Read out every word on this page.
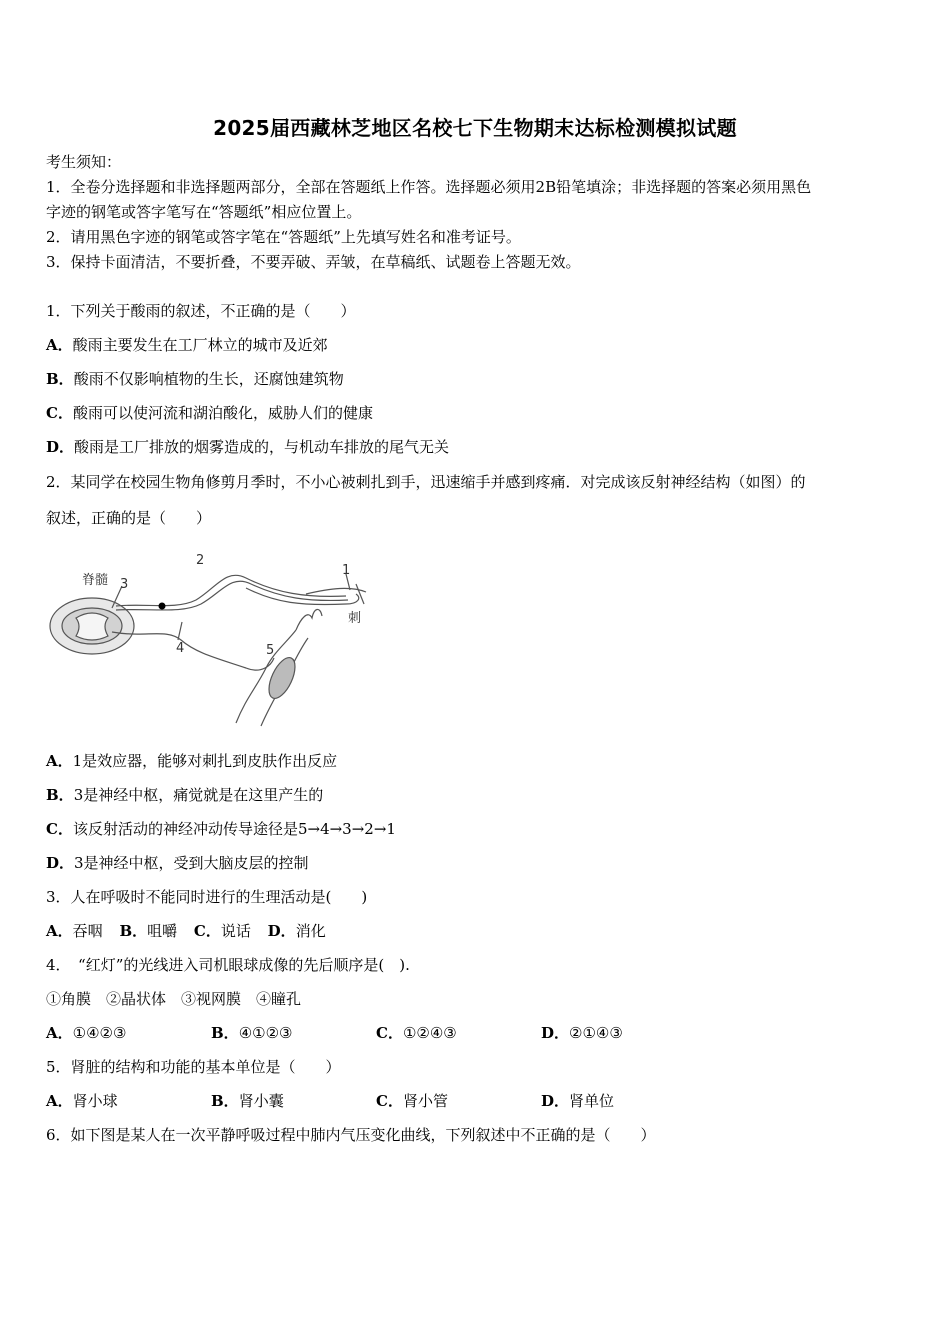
2025届西藏林芝地区名校七下生物期末达标检测模拟试题
考生须知：
1．全卷分选择题和非选择题两部分，全部在答题纸上作答。选择题必须用2B铅笔填涂；非选择题的答案必须用黑色
字迹的钢笔或答字笔写在“答题纸”相应位置上。
2．请用黑色字迹的钢笔或答字笔在“答题纸”上先填写姓名和准考证号。
3．保持卡面清洁，不要折叠，不要弄破、弄皱，在草稿纸、试题卷上答题无效。
1．下列关于酸雨的叙述，不正确的是（　　）
A．酸雨主要发生在工厂林立的城市及近郊
B．酸雨不仅影响植物的生长，还腐蚀建筑物
C．酸雨可以使河流和湖泊酸化，威胁人们的健康
D．酸雨是工厂排放的烟雾造成的，与机动车排放的尾气无关
2．某同学在校园生物角修剪月季时，不小心被刺扎到手，迅速缩手并感到疼痛．对完成该反射神经结构（如图）的
叙述，正确的是（　　）
脊髓 3
2
1
刺
4	5
A．1是效应器，能够对刺扎到皮肤作出反应
B．3是神经中枢，痛觉就是在这里产生的
C．该反射活动的神经冲动传导途径是5→4→3→2→1
D．3是神经中枢，受到大脑皮层的控制
3．人在呼吸时不能同时进行的生理活动是(　　)
A．吞咽 B．咀嚼 C．说话 D．消化
4．　“红灯”的光线进入司机眼球成像的先后顺序是(　).
①角膜　②晶状体　③视网膜　④瞳孔
A．①④②③	B．④①②③	C．①②④③	D．②①④③
5．肾脏的结构和功能的基本单位是（　　）
A．肾小球	B．肾小囊	C．肾小管	D．肾单位
6．如下图是某人在一次平静呼吸过程中肺内气压变化曲线，下列叙述中不正确的是（　　）
